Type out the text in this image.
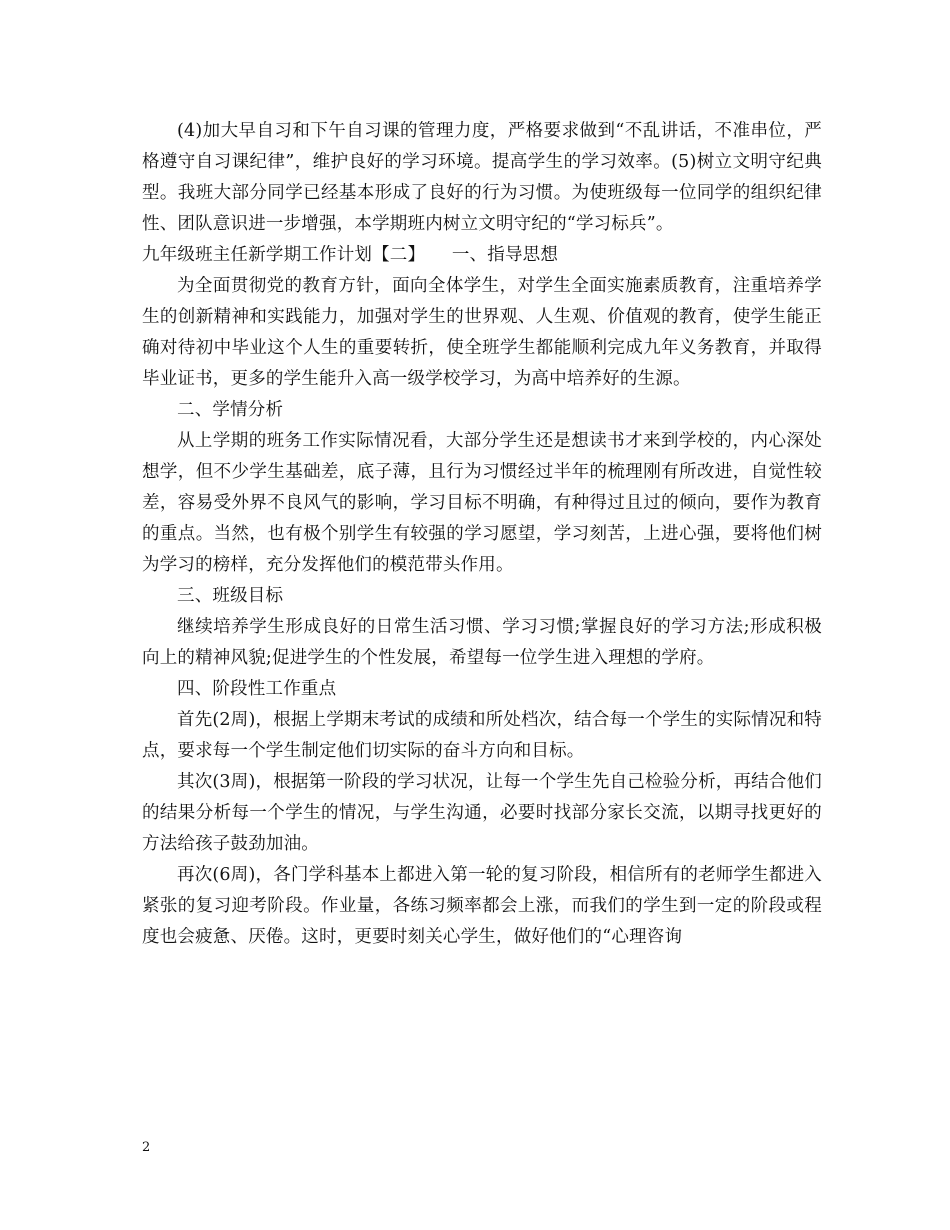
(4)加大早自习和下午自习课的管理力度，严格要求做到“不乱讲话，不准串位，严格遵守自习课纪律”，维护良好的学习环境。提高学生的学习效率。(5)树立文明守纪典型。我班大部分同学已经基本形成了良好的行为习惯。为使班级每一位同学的组织纪律性、团队意识进一步增强，本学期班内树立文明守纪的“学习标兵”。

九年级班主任新学期工作计划【二】　　一、指导思想

为全面贯彻党的教育方针，面向全体学生，对学生全面实施素质教育，注重培养学生的创新精神和实践能力，加强对学生的世界观、人生观、价值观的教育，使学生能正确对待初中毕业这个人生的重要转折，使全班学生都能顺利完成九年义务教育，并取得毕业证书，更多的学生能升入高一级学校学习，为高中培养好的生源。

二、学情分析

从上学期的班务工作实际情况看，大部分学生还是想读书才来到学校的，内心深处想学，但不少学生基础差，底子薄，且行为习惯经过半年的梳理刚有所改进，自觉性较差，容易受外界不良风气的影响，学习目标不明确，有种得过且过的倾向，要作为教育的重点。当然，也有极个别学生有较强的学习愿望，学习刻苦，上进心强，要将他们树为学习的榜样，充分发挥他们的模范带头作用。

三、班级目标

继续培养学生形成良好的日常生活习惯、学习习惯;掌握良好的学习方法;形成积极向上的精神风貌;促进学生的个性发展，希望每一位学生进入理想的学府。

四、阶段性工作重点

首先(2周)，根据上学期末考试的成绩和所处档次，结合每一个学生的实际情况和特点，要求每一个学生制定他们切实际的奋斗方向和目标。

其次(3周)，根据第一阶段的学习状况，让每一个学生先自己检验分析，再结合他们的结果分析每一个学生的情况，与学生沟通，必要时找部分家长交流，以期寻找更好的方法给孩子鼓劲加油。

再次(6周)，各门学科基本上都进入第一轮的复习阶段，相信所有的老师学生都进入紧张的复习迎考阶段。作业量，各练习频率都会上涨，而我们的学生到一定的阶段或程度也会疲惫、厌倦。这时，更要时刻关心学生，做好他们的“心理咨询

2
